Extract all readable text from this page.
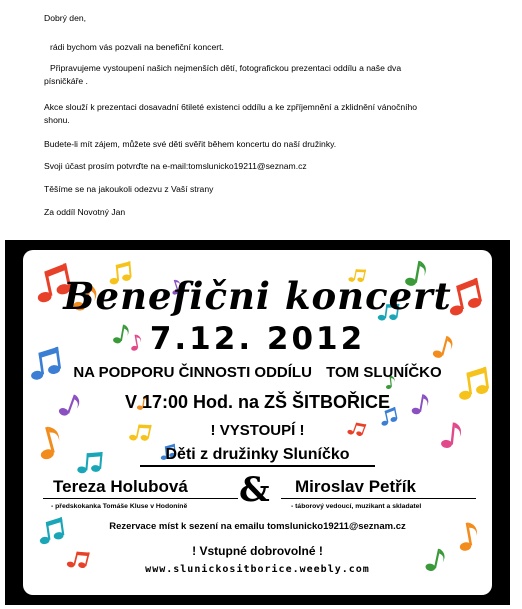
Dobrý den,

rádi bychom vás pozvali na benefiční koncert.

Připravujeme vystoupení našich nejmenších dětí, fotografickou prezentaci oddílu a naše dva

písničkáře .

Akce slouží k prezentaci dosavadní 6tileté existenci oddílu a ke zpříjemnění a zklidnění vánočního

shonu.

Budete-li mít zájem, můžete své děti svěřit během koncertu do naší družinky.

Svoji účast prosím potvrďte na e-mail:tomslunicko19211@seznam.cz

Těšíme se na jakoukoli odezvu z Vaší strany

Za oddíl Novotný Jan

Benefični koncert
7.12. 2012
NA PODPORU ČINNOSTI ODDÍLU TOM SLUNÍČKO
V 17:00 Hod. na ZŠ ŠITBOŘICE
! VYSTOUPÍ !
Děti z družinky Sluníčko
Tereza Holubová
- předskokanka Tomáše Kluse v Hodoníně & Miroslav Petřík
- táborový vedoucí, muzikant a skladatel
Rezervace míst k sezení na emailu tomslunicko19211@seznam.cz
! Vstupné dobrovolné !
www.slunickositborice.weebly.com
